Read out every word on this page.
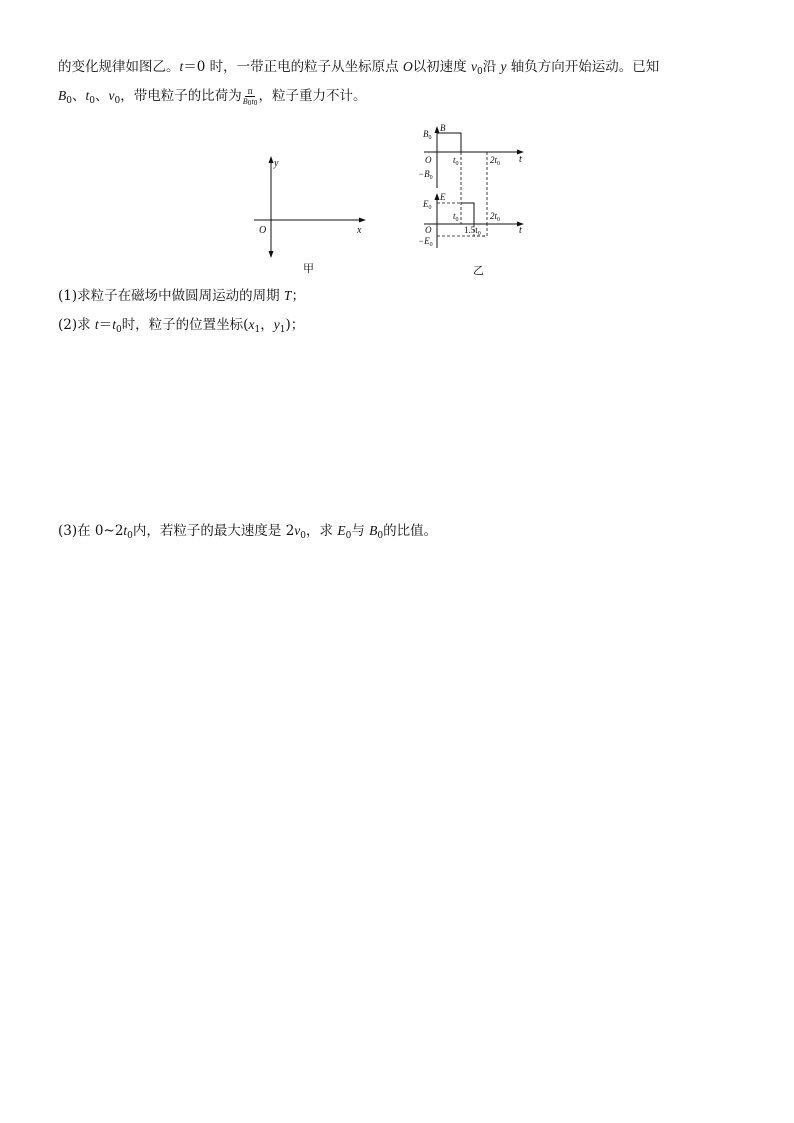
的变化规律如图乙。t＝0 时，一带正电的粒子从坐标原点 O以初速度 $v_0$沿 y 轴负方向开始运动。已知
$B_0$、$t_0$、$v_0$，带电粒子的比荷为 $\frac{\pi}{B_0t_0}$ ，粒子重力不计。
y
x
O
甲
B
$B_0$
O $t_0$	$2t_0$ t
$-B_0$
E
$E_0$
$t_0$	$2t_0$
O	$1.5t_0$	t
$-E_0$
乙
(1)求粒子在磁场中做圆周运动的周期 T；
(2)求 $t=t_0$时，粒子的位置坐标($x_1$，$y_1$)；
(3)在 $0\sim 2t_0$内，若粒子的最大速度是 $2v_0$，求 $E_0$与 $B_0$的比值。
